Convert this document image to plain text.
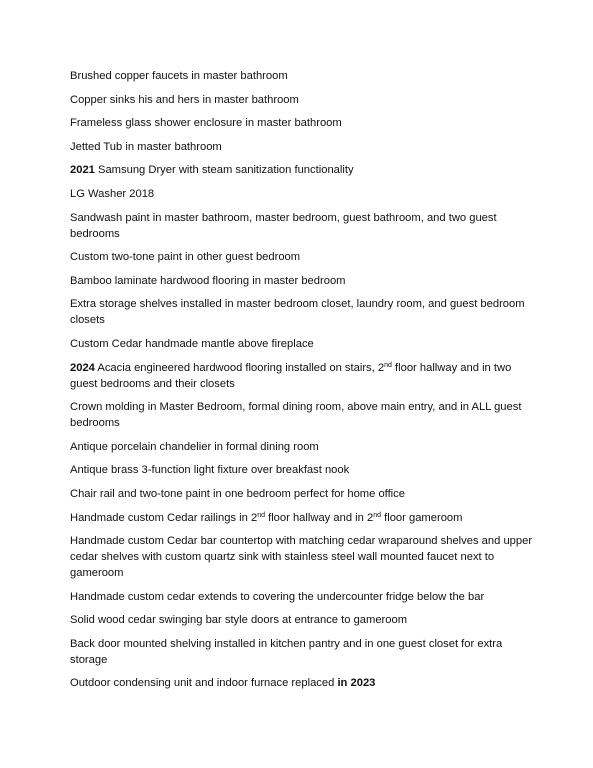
Brushed copper faucets in master bathroom

Copper sinks his and hers in master bathroom

Frameless glass shower enclosure in master bathroom

Jetted Tub in master bathroom

2021 Samsung Dryer with steam sanitization functionality

LG Washer 2018

Sandwash paint in master bathroom, master bedroom, guest bathroom, and two guest bedrooms

Custom two-tone paint in other guest bedroom

Bamboo laminate hardwood flooring in master bedroom

Extra storage shelves installed in master bedroom closet, laundry room, and guest bedroom closets

Custom Cedar handmade mantle above fireplace

2024 Acacia engineered hardwood flooring installed on stairs, 2nd floor hallway and in two guest bedrooms and their closets

Crown molding in Master Bedroom, formal dining room, above main entry, and in ALL guest bedrooms

Antique porcelain chandelier in formal dining room

Antique brass 3-function light fixture over breakfast nook

Chair rail and two-tone paint in one bedroom perfect for home office

Handmade custom Cedar railings in 2nd floor hallway and in 2nd floor gameroom

Handmade custom Cedar bar countertop with matching cedar wraparound shelves and upper cedar shelves with custom quartz sink with stainless steel wall mounted faucet next to gameroom

Handmade custom cedar extends to covering the undercounter fridge below the bar

Solid wood cedar swinging bar style doors at entrance to gameroom

Back door mounted shelving installed in kitchen pantry and in one guest closet for extra storage

Outdoor condensing unit and indoor furnace replaced in 2023
